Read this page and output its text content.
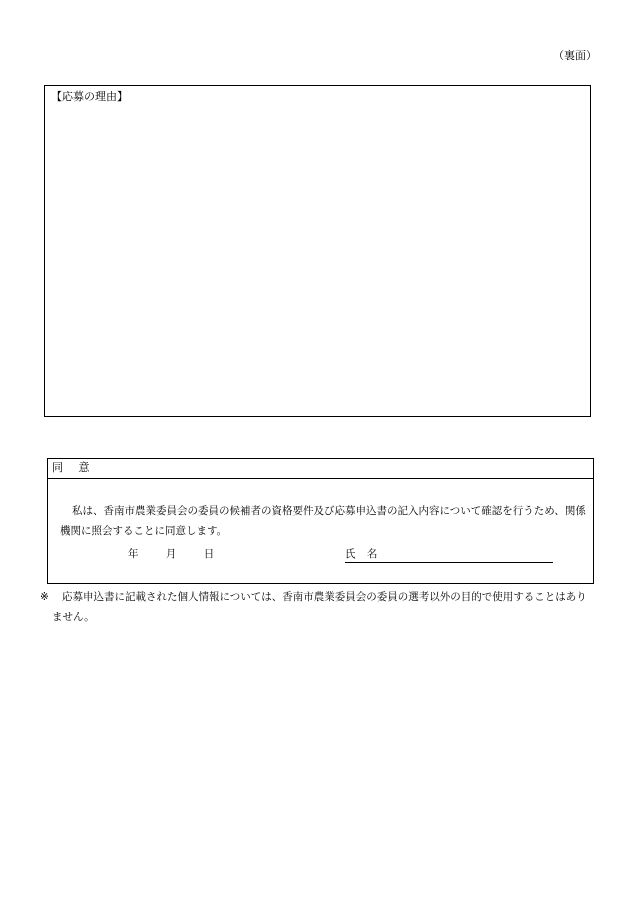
（裏面）
【応募の理由】
同 意

私は、香南市農業委員会の委員の候補者の資格要件及び応募申込書の記入内容について確認を行うため、関係機関に照会することに同意します。

年	月	日	氏 名
※	応募申込書に記載された個人情報については、香南市農業委員会の委員の選考以外の目的で使用することはありません。
